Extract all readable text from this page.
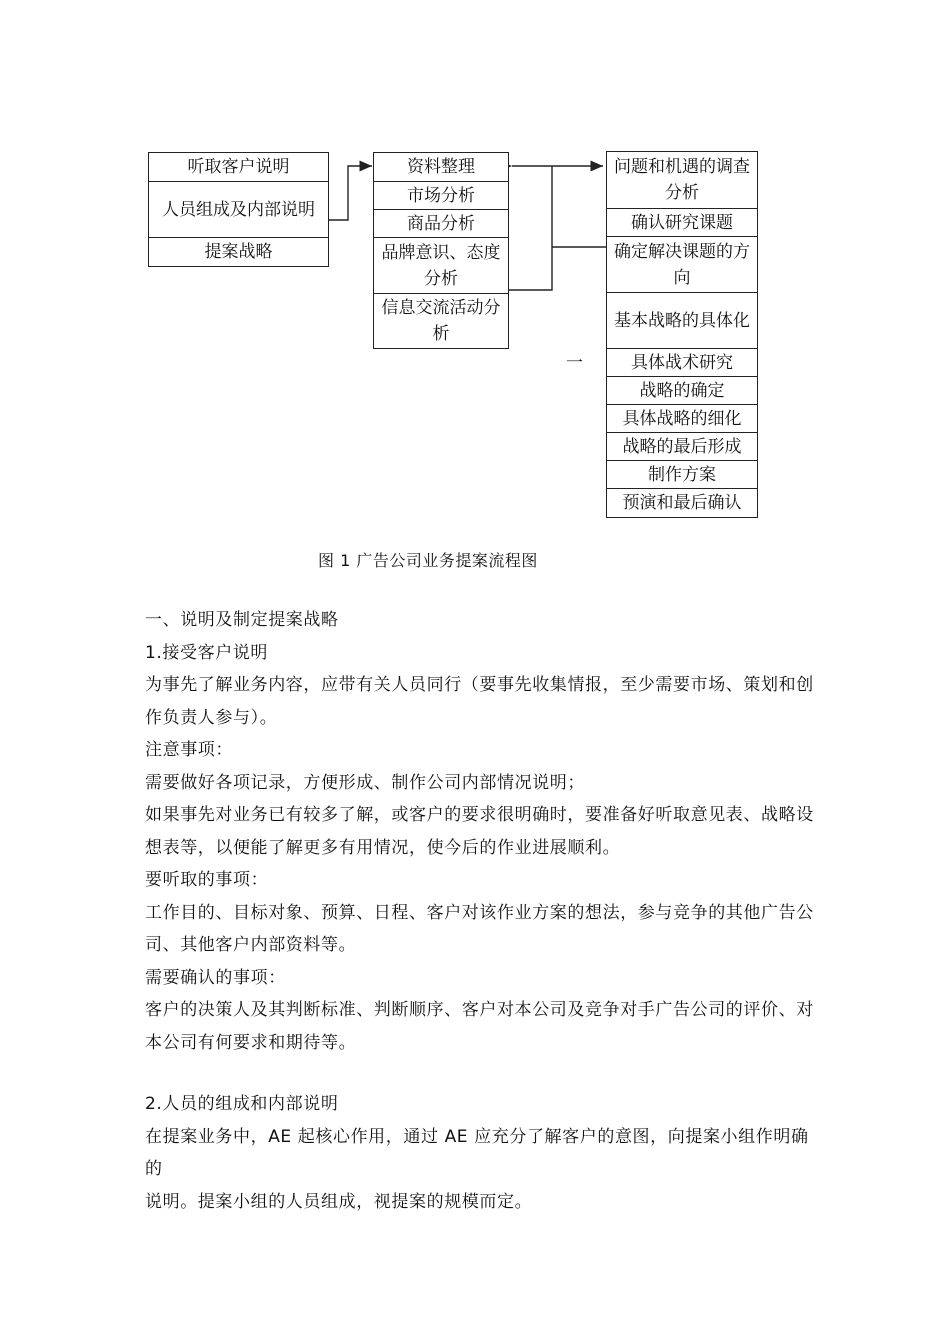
听取客户说明
人员组成及内部说明
提案战略
资料整理
市场分析
商品分析
品牌意识、态度分析
信息交流活动分析
问题和机遇的调查分析
确认研究课题
确定解决课题的方向
基本战略的具体化
具体战术研究
战略的确定
具体战略的细化
战略的最后形成
制作方案
预演和最后确认
一
图 1 广告公司业务提案流程图

一、说明及制定提案战略

1.接受客户说明

为事先了解业务内容，应带有关人员同行（要事先收集情报，至少需要市场、策划和创作负责人参与）。

注意事项：

需要做好各项记录，方便形成、制作公司内部情况说明；

如果事先对业务已有较多了解，或客户的要求很明确时，要准备好听取意见表、战略设想表等，以便能了解更多有用情况，使今后的作业进展顺利。

要听取的事项：

工作目的、目标对象、预算、日程、客户对该作业方案的想法，参与竞争的其他广告公司、其他客户内部资料等。

需要确认的事项：

客户的决策人及其判断标准、判断顺序、客户对本公司及竞争对手广告公司的评价、对本公司有何要求和期待等。

2.人员的组成和内部说明

在提案业务中，AE 起核心作用，通过 AE 应充分了解客户的意图，向提案小组作明确的

说明。提案小组的人员组成，视提案的规模而定。
